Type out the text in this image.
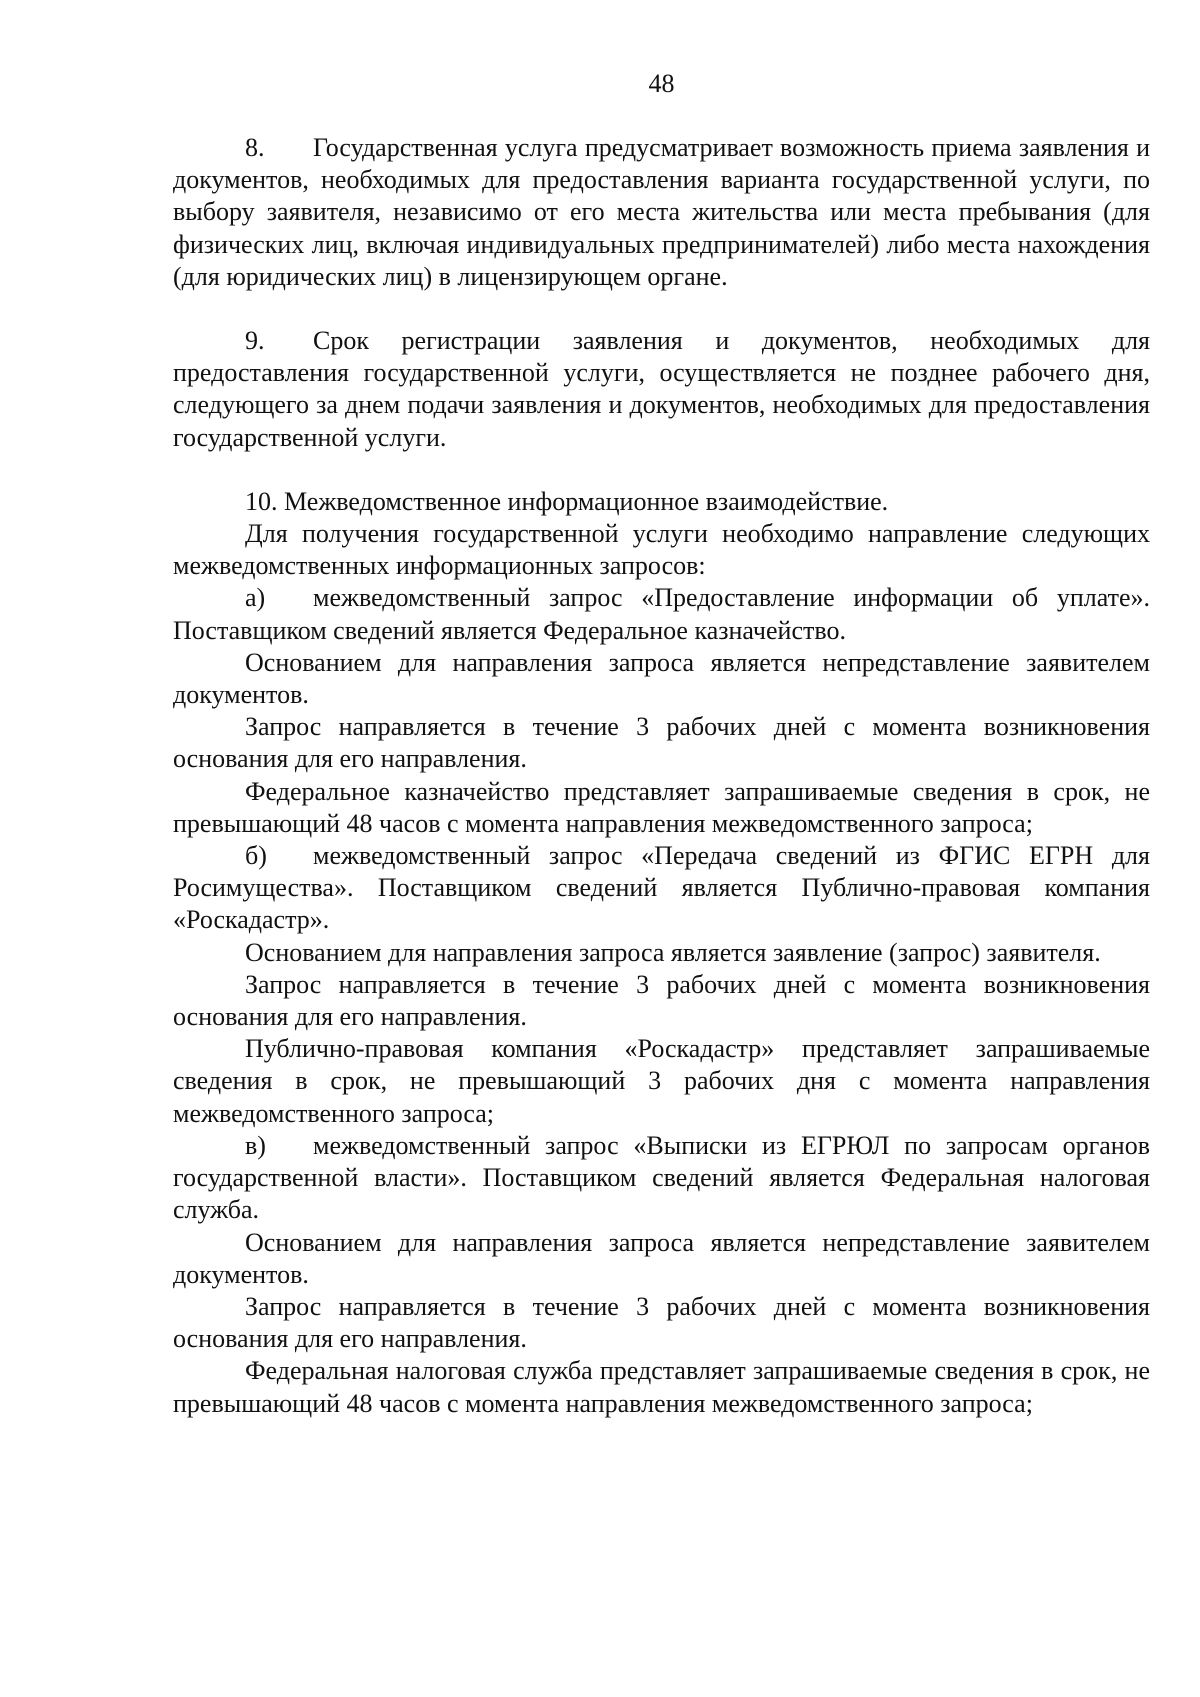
48

8. Государственная услуга предусматривает возможность приема заявления и документов, необходимых для предоставления варианта государственной услуги, по выбору заявителя, независимо от его места жительства или места пребывания (для физических лиц, включая индивидуальных предпринимателей) либо места нахождения (для юридических лиц) в лицензирующем органе.

9. Срок регистрации заявления и документов, необходимых для предоставления государственной услуги, осуществляется не позднее рабочего дня, следующего за днем подачи заявления и документов, необходимых для предоставления государственной услуги.

10. Межведомственное информационное взаимодействие.

Для получения государственной услуги необходимо направление следующих межведомственных информационных запросов:

а) межведомственный запрос «Предоставление информации об уплате». Поставщиком сведений является Федеральное казначейство.

Основанием для направления запроса является непредставление заявителем документов.

Запрос направляется в течение 3 рабочих дней с момента возникновения основания для его направления.

Федеральное казначейство представляет запрашиваемые сведения в срок, не превышающий 48 часов с момента направления межведомственного запроса;

б) межведомственный запрос «Передача сведений из ФГИС ЕГРН для Росимущества». Поставщиком сведений является Публично-правовая компания «Роскадастр».

Основанием для направления запроса является заявление (запрос) заявителя.

Запрос направляется в течение 3 рабочих дней с момента возникновения основания для его направления.

Публично-правовая компания «Роскадастр» представляет запрашиваемые сведения в срок, не превышающий 3 рабочих дня с момента направления межведомственного запроса;

в) межведомственный запрос «Выписки из ЕГРЮЛ по запросам органов государственной власти». Поставщиком сведений является Федеральная налоговая служба.

Основанием для направления запроса является непредставление заявителем документов.

Запрос направляется в течение 3 рабочих дней с момента возникновения основания для его направления.

Федеральная налоговая служба представляет запрашиваемые сведения в срок, не превышающий 48 часов с момента направления межведомственного запроса;
